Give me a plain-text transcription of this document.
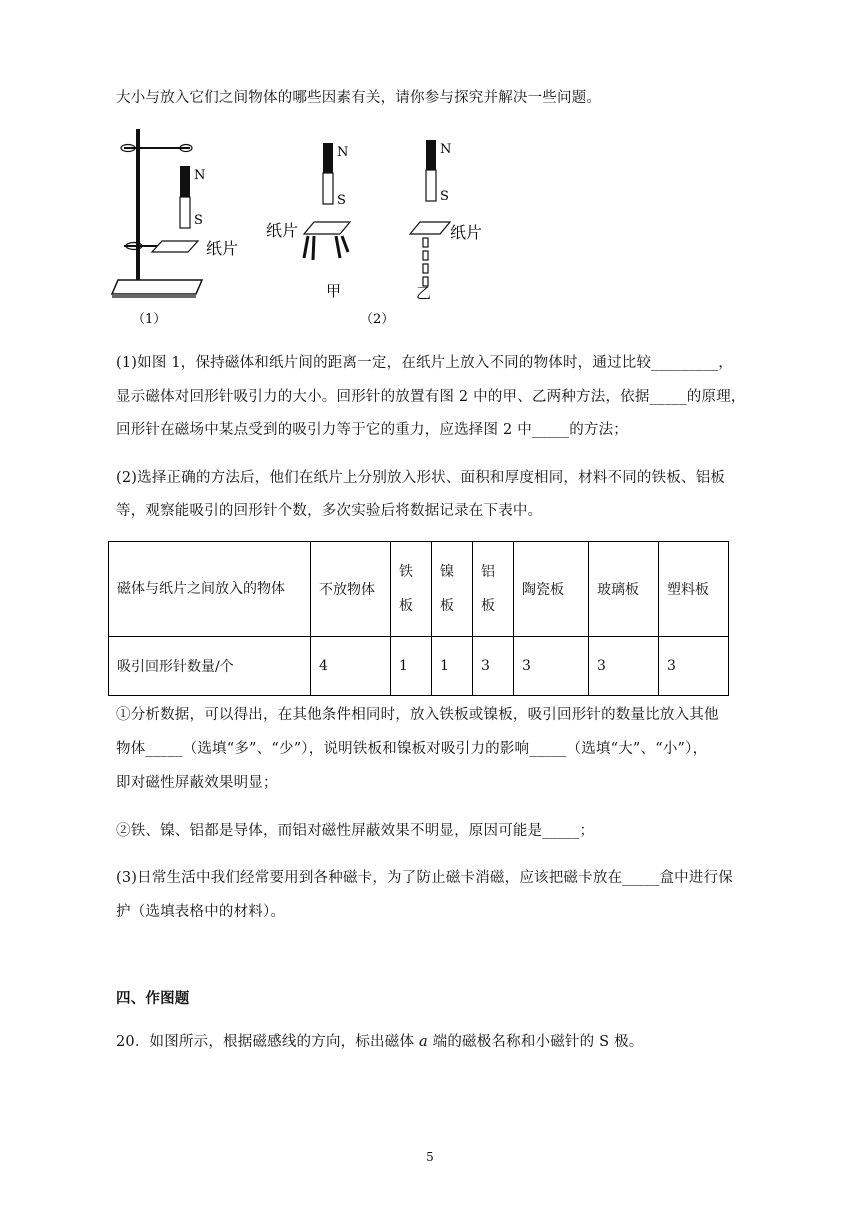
大小与放入它们之间物体的哪些因素有关，请你参与探究并解决一些问题。
N
S
纸片
（1）
N
S
纸片
甲
N
S
纸片
乙
（2）
(1)如图 1，保持磁体和纸片间的距离一定，在纸片上放入不同的物体时，通过比较_________，
显示磁体对回形针吸引力的大小。回形针的放置有图 2 中的甲、乙两种方法，依据_____的原理，
回形针在磁场中某点受到的吸引力等于它的重力，应选择图 2 中_____的方法；
(2)选择正确的方法后，他们在纸片上分别放入形状、面积和厚度相同，材料不同的铁板、铝板
等，观察能吸引的回形针个数，多次实验后将数据记录在下表中。
磁体与纸片之间放入的物体	不放物体	铁板	镍板	铝板	陶瓷板	玻璃板	塑料板
吸引回形针数量/个	4	1	1	3	3	3	3
①分析数据，可以得出，在其他条件相同时，放入铁板或镍板，吸引回形针的数量比放入其他
物体_____（选填“多”、“少”），说明铁板和镍板对吸引力的影响_____（选填“大”、“小”），
即对磁性屏蔽效果明显；
②铁、镍、铝都是导体，而铝对磁性屏蔽效果不明显，原因可能是_____；
(3)日常生活中我们经常要用到各种磁卡，为了防止磁卡消磁，应该把磁卡放在_____盒中进行保
护（选填表格中的材料）。
四、作图题
20．如图所示，根据磁感线的方向，标出磁体 a 端的磁极名称和小磁针的 S 极。
5
